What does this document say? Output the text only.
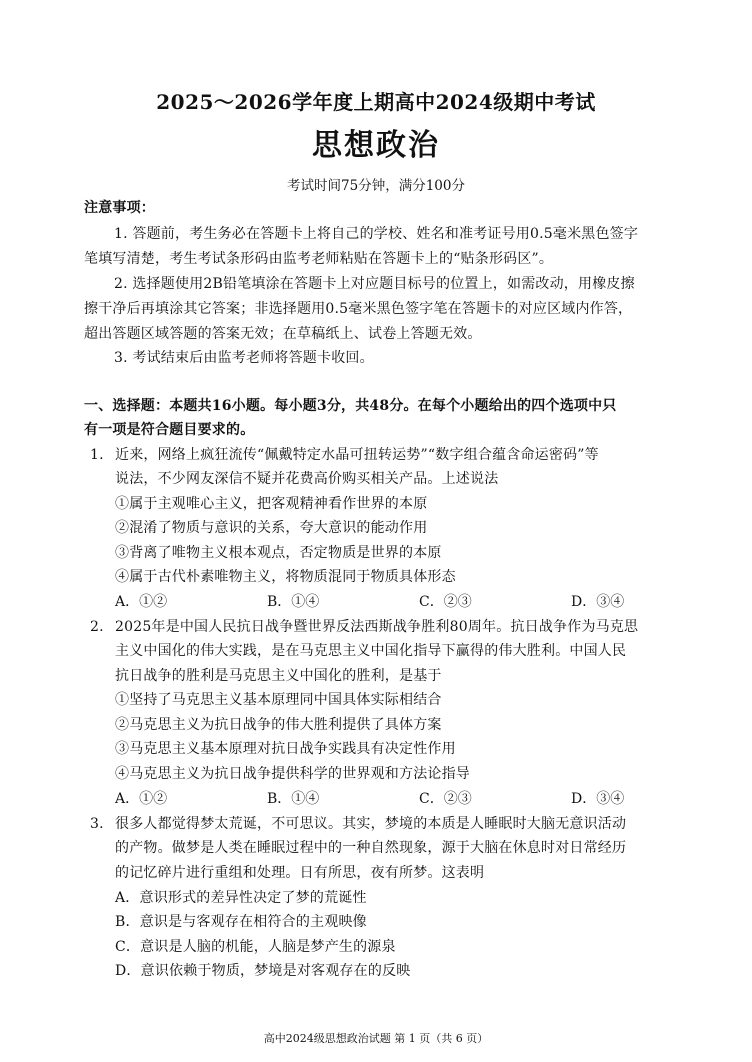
2025～2026学年度上期高中2024级期中考试
思想政治
考试时间75分钟，满分100分
注意事项：
1. 答题前，考生务必在答题卡上将自己的学校、姓名和准考证号用0.5毫米黑色签字
笔填写清楚，考生考试条形码由监考老师粘贴在答题卡上的“贴条形码区”。
2. 选择题使用2B铅笔填涂在答题卡上对应题目标号的位置上，如需改动，用橡皮擦
擦干净后再填涂其它答案；非选择题用0.5毫米黑色签字笔在答题卡的对应区域内作答，
超出答题区域答题的答案无效；在草稿纸上、试卷上答题无效。
3. 考试结束后由监考老师将答题卡收回。
一、选择题：本题共16小题。每小题3分，共48分。在每个小题给出的四个选项中只
有一项是符合题目要求的。
1. 近来，网络上疯狂流传“佩戴特定水晶可扭转运势”“数字组合蕴含命运密码”等
说法，不少网友深信不疑并花费高价购买相关产品。上述说法
①属于主观唯心主义，把客观精神看作世界的本原
②混淆了物质与意识的关系，夸大意识的能动作用
③背离了唯物主义根本观点，否定物质是世界的本原
④属于古代朴素唯物主义，将物质混同于物质具体形态
A．①②	B．①④	C．②③	D．③④
2. 2025年是中国人民抗日战争暨世界反法西斯战争胜利80周年。抗日战争作为马克思
主义中国化的伟大实践，是在马克思主义中国化指导下赢得的伟大胜利。中国人民
抗日战争的胜利是马克思主义中国化的胜利，是基于
①坚持了马克思主义基本原理同中国具体实际相结合
②马克思主义为抗日战争的伟大胜利提供了具体方案
③马克思主义基本原理对抗日战争实践具有决定性作用
④马克思主义为抗日战争提供科学的世界观和方法论指导
A．①②	B．①④	C．②③	D．③④
3. 很多人都觉得梦太荒诞，不可思议。其实，梦境的本质是人睡眠时大脑无意识活动
的产物。做梦是人类在睡眠过程中的一种自然现象，源于大脑在休息时对日常经历
的记忆碎片进行重组和处理。日有所思，夜有所梦。这表明
A．意识形式的差异性决定了梦的荒诞性
B．意识是与客观存在相符合的主观映像
C．意识是人脑的机能，人脑是梦产生的源泉
D．意识依赖于物质，梦境是对客观存在的反映
高中2024级思想政治试题 第 1 页（共 6 页）
